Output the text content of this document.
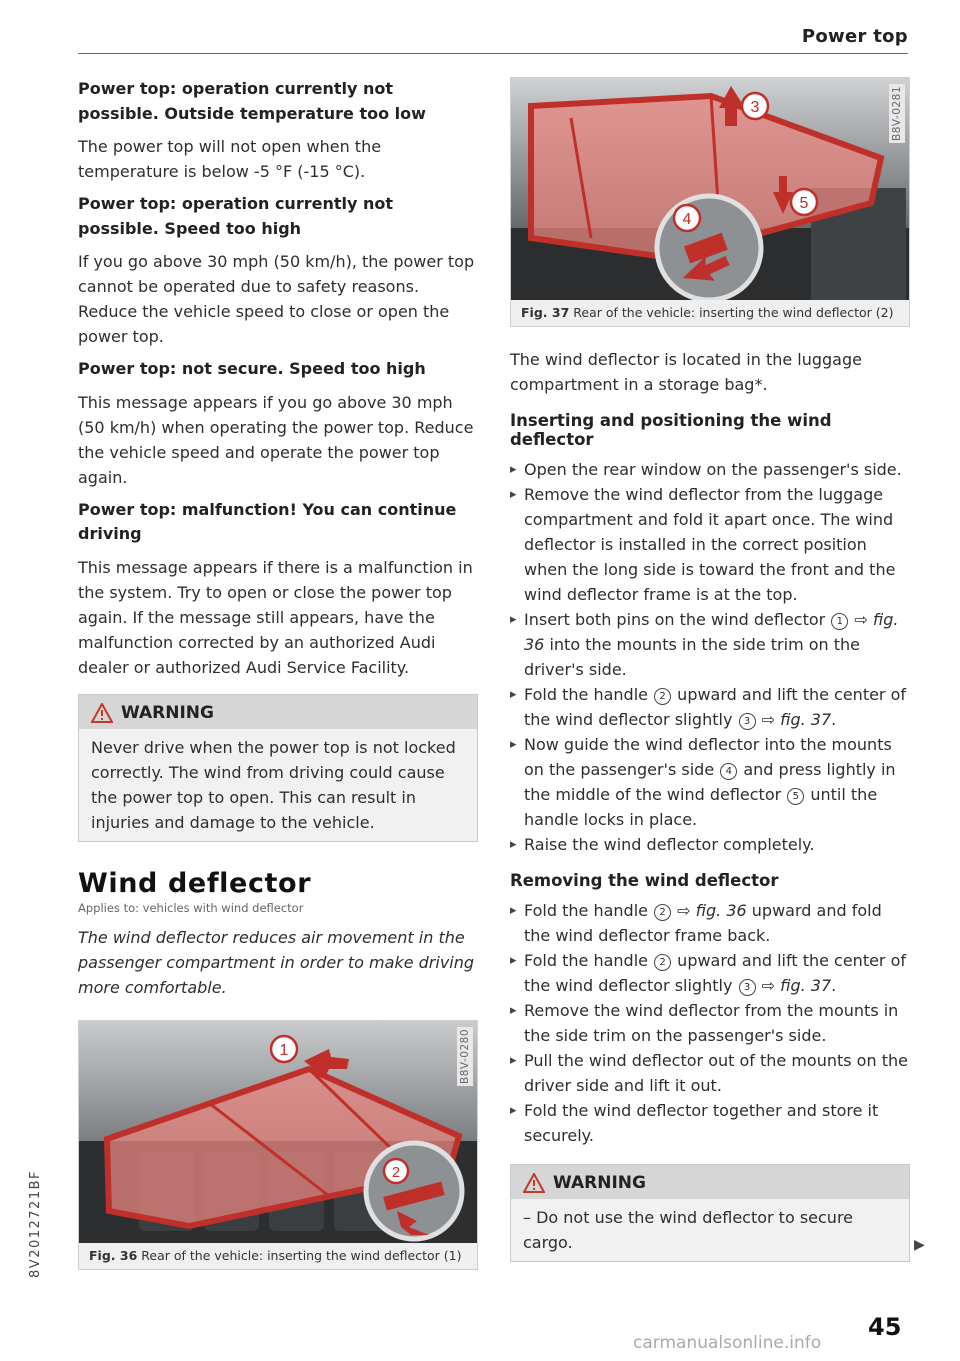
Power top
Power top: operation currently not possible. Outside temperature too low
The power top will not open when the temperature is below -5 °F (-15 °C).
Power top: operation currently not possible. Speed too high
If you go above 30 mph (50 km/h), the power top cannot be operated due to safety reasons. Reduce the vehicle speed to close or open the power top.
Power top: not secure. Speed too high
This message appears if you go above 30 mph (50 km/h) when operating the power top. Reduce the vehicle speed and operate the power top again.
Power top: malfunction! You can continue driving
This message appears if there is a malfunction in the system. Try to open or close the power top again. If the message still appears, have the malfunction corrected by an authorized Audi dealer or authorized Audi Service Facility.
WARNING
Never drive when the power top is not locked correctly. The wind from driving could cause the power top to open. This can result in injuries and damage to the vehicle.
Wind deflector
Applies to: vehicles with wind deflector
The wind deflector reduces air movement in the passenger compartment in order to make driving more comfortable.
1
2
B8V-0280
Fig. 36 Rear of the vehicle: inserting the wind deflector (1)
3
5
4
B8V-0281
Fig. 37 Rear of the vehicle: inserting the wind deflector (2)
The wind deflector is located in the luggage compartment in a storage bag*.
Inserting and positioning the wind deflector
▸ Open the rear window on the passenger's side.
▸ Remove the wind deflector from the luggage compartment and fold it apart once. The wind deflector is installed in the correct position when the long side is toward the front and the wind deflector frame is at the top.
▸ Insert both pins on the wind deflector 1 ⇨ fig. 36 into the mounts in the side trim on the driver's side.
▸ Fold the handle 2 upward and lift the center of the wind deflector slightly 3 ⇨ fig. 37.
▸ Now guide the wind deflector into the mounts on the passenger's side 4 and press lightly in the middle of the wind deflector 5 until the handle locks in place.
▸ Raise the wind deflector completely.
Removing the wind deflector
▸ Fold the handle 2 ⇨ fig. 36 upward and fold the wind deflector frame back.
▸ Fold the handle 2 upward and lift the center of the wind deflector slightly 3 ⇨ fig. 37.
▸ Remove the wind deflector from the mounts in the side trim on the passenger's side.
▸ Pull the wind deflector out of the mounts on the driver side and lift it out.
▸ Fold the wind deflector together and store it securely.
WARNING
– Do not use the wind deflector to secure cargo.	▶
45
8V2012721BF
carmanualsonline.info
